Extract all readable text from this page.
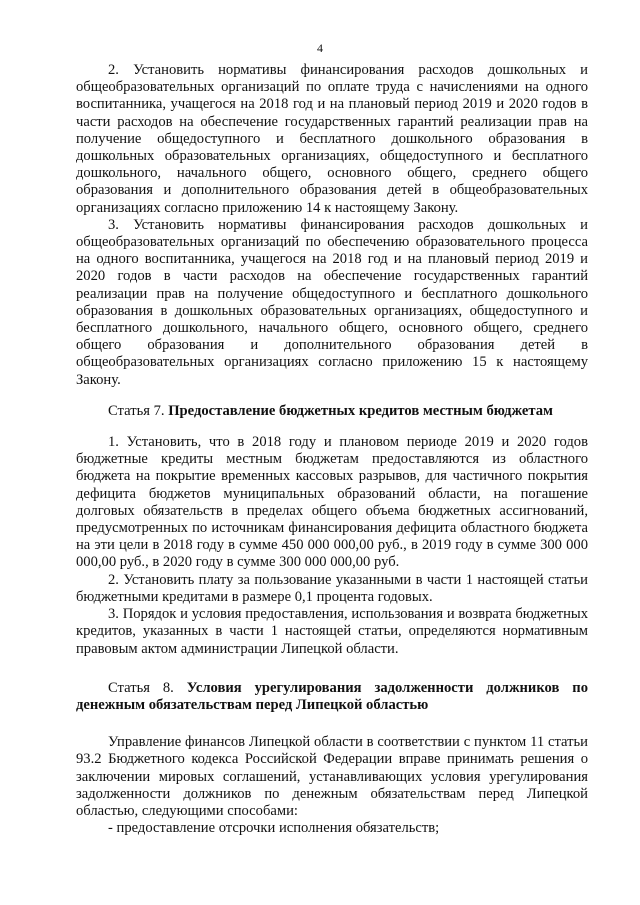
4

2. Установить нормативы финансирования расходов дошкольных и общеобразовательных организаций по оплате труда с начислениями на одного воспитанника, учащегося на 2018 год и на плановый период 2019 и 2020 годов в части расходов на обеспечение государственных гарантий реализации прав на получение общедоступного и бесплатного дошкольного образования в дошкольных образовательных организациях, общедоступного и бесплатного дошкольного, начального общего, основного общего, среднего общего образования и дополнительного образования детей в общеобразовательных организациях согласно приложению 14 к настоящему Закону.

3. Установить нормативы финансирования расходов дошкольных и общеобразовательных организаций по обеспечению образовательного процесса на одного воспитанника, учащегося на 2018 год и на плановый период 2019 и 2020 годов в части расходов на обеспечение государственных гарантий реализации прав на получение общедоступного и бесплатного дошкольного образования в дошкольных образовательных организациях, общедоступного и бесплатного дошкольного, начального общего, основного общего, среднего общего образования и дополнительного образования детей в общеобразовательных организациях согласно приложению 15 к настоящему Закону.

Статья 7. Предоставление бюджетных кредитов местным бюджетам

1. Установить, что в 2018 году и плановом периоде 2019 и 2020 годов бюджетные кредиты местным бюджетам предоставляются из областного бюджета на покрытие временных кассовых разрывов, для частичного покрытия дефицита бюджетов муниципальных образований области, на погашение долговых обязательств в пределах общего объема бюджетных ассигнований, предусмотренных по источникам финансирования дефицита областного бюджета на эти цели в 2018 году в сумме 450 000 000,00 руб., в 2019 году в сумме 300 000 000,00 руб., в 2020 году в сумме 300 000 000,00 руб.

2. Установить плату за пользование указанными в части 1 настоящей статьи бюджетными кредитами в размере 0,1 процента годовых.

3. Порядок и условия предоставления, использования и возврата бюджетных кредитов, указанных в части 1 настоящей статьи, определяются нормативным правовым актом администрации Липецкой области.

Статья 8. Условия урегулирования задолженности должников по денежным обязательствам перед Липецкой областью

Управление финансов Липецкой области в соответствии с пунктом 11 статьи 93.2 Бюджетного кодекса Российской Федерации вправе принимать решения о заключении мировых соглашений, устанавливающих условия урегулирования задолженности должников по денежным обязательствам перед Липецкой областью, следующими способами:

- предоставление отсрочки исполнения обязательств;
